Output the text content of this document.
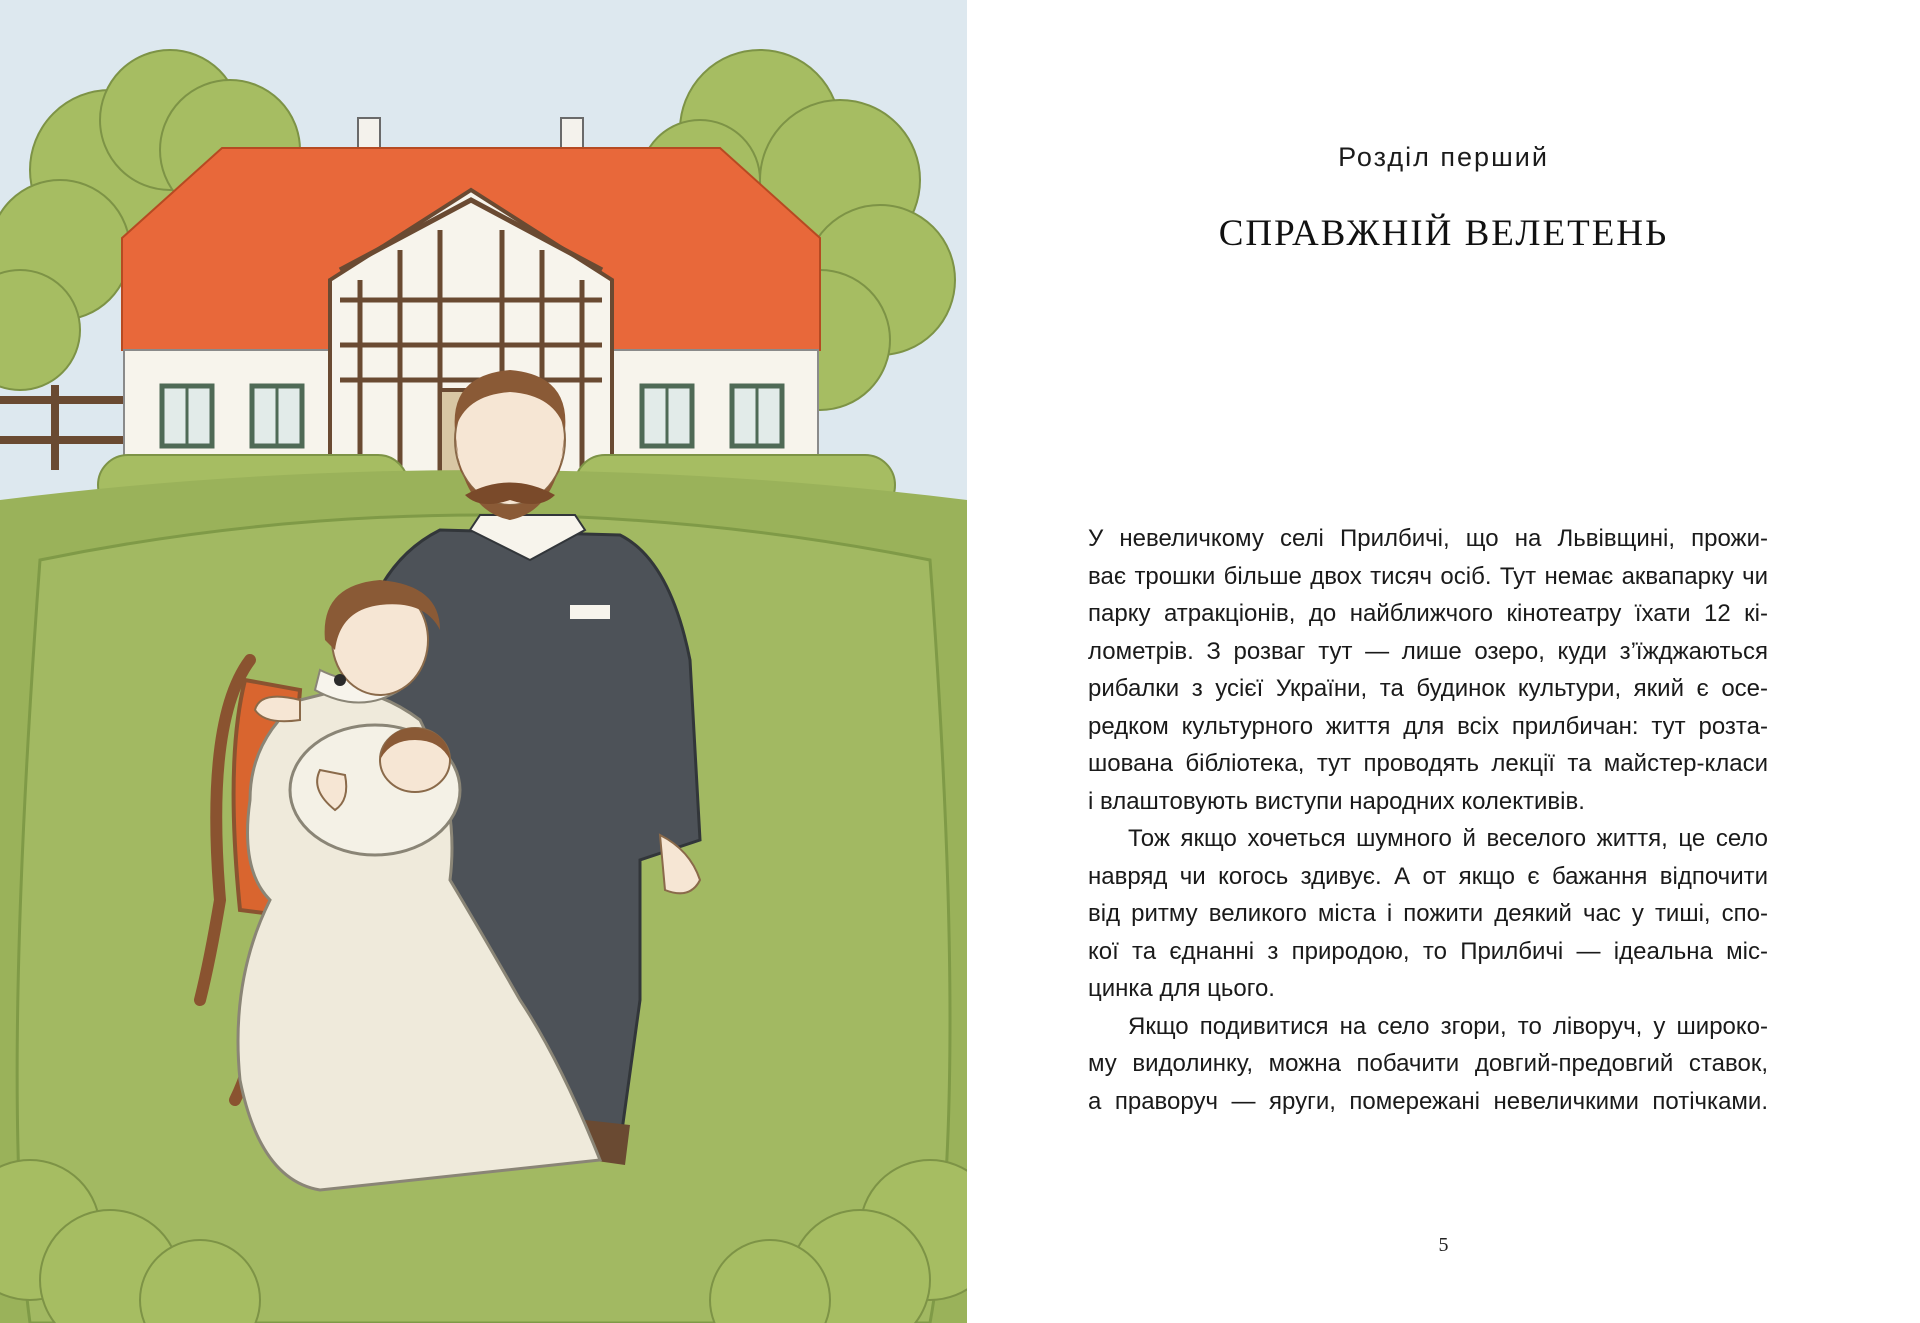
Розділ перший
СПРАВЖНІЙ ВЕЛЕТЕНЬ

У невеличкому селі Прилбичі, що на Львівщині, прожи-

ває трошки більше двох тисяч осіб. Тут немає аквапарку чи

парку атракціонів, до найближчого кінотеатру їхати 12 кі-

лометрів. З розваг тут — лише озеро, куди з’їжджаються

рибалки з усієї України, та будинок культури, який є осе-

редком культурного життя для всіх прилбичан: тут розта-

шована бібліотека, тут проводять лекції та майстер-класи

і влаштовують виступи народних колективів.

Тож якщо хочеться шумного й веселого життя, це село

навряд чи когось здивує. А от якщо є бажання відпочити

від ритму великого міста і пожити деякий час у тиші, спо-

кої та єднанні з природою, то Прилбичі — ідеальна міс-

цинка для цього.

Якщо подивитися на село згори, то ліворуч, у широко-

му видолинку, можна побачити довгий-предовгий ставок,

а праворуч — яруги, помережані невеличкими потічками.

5
